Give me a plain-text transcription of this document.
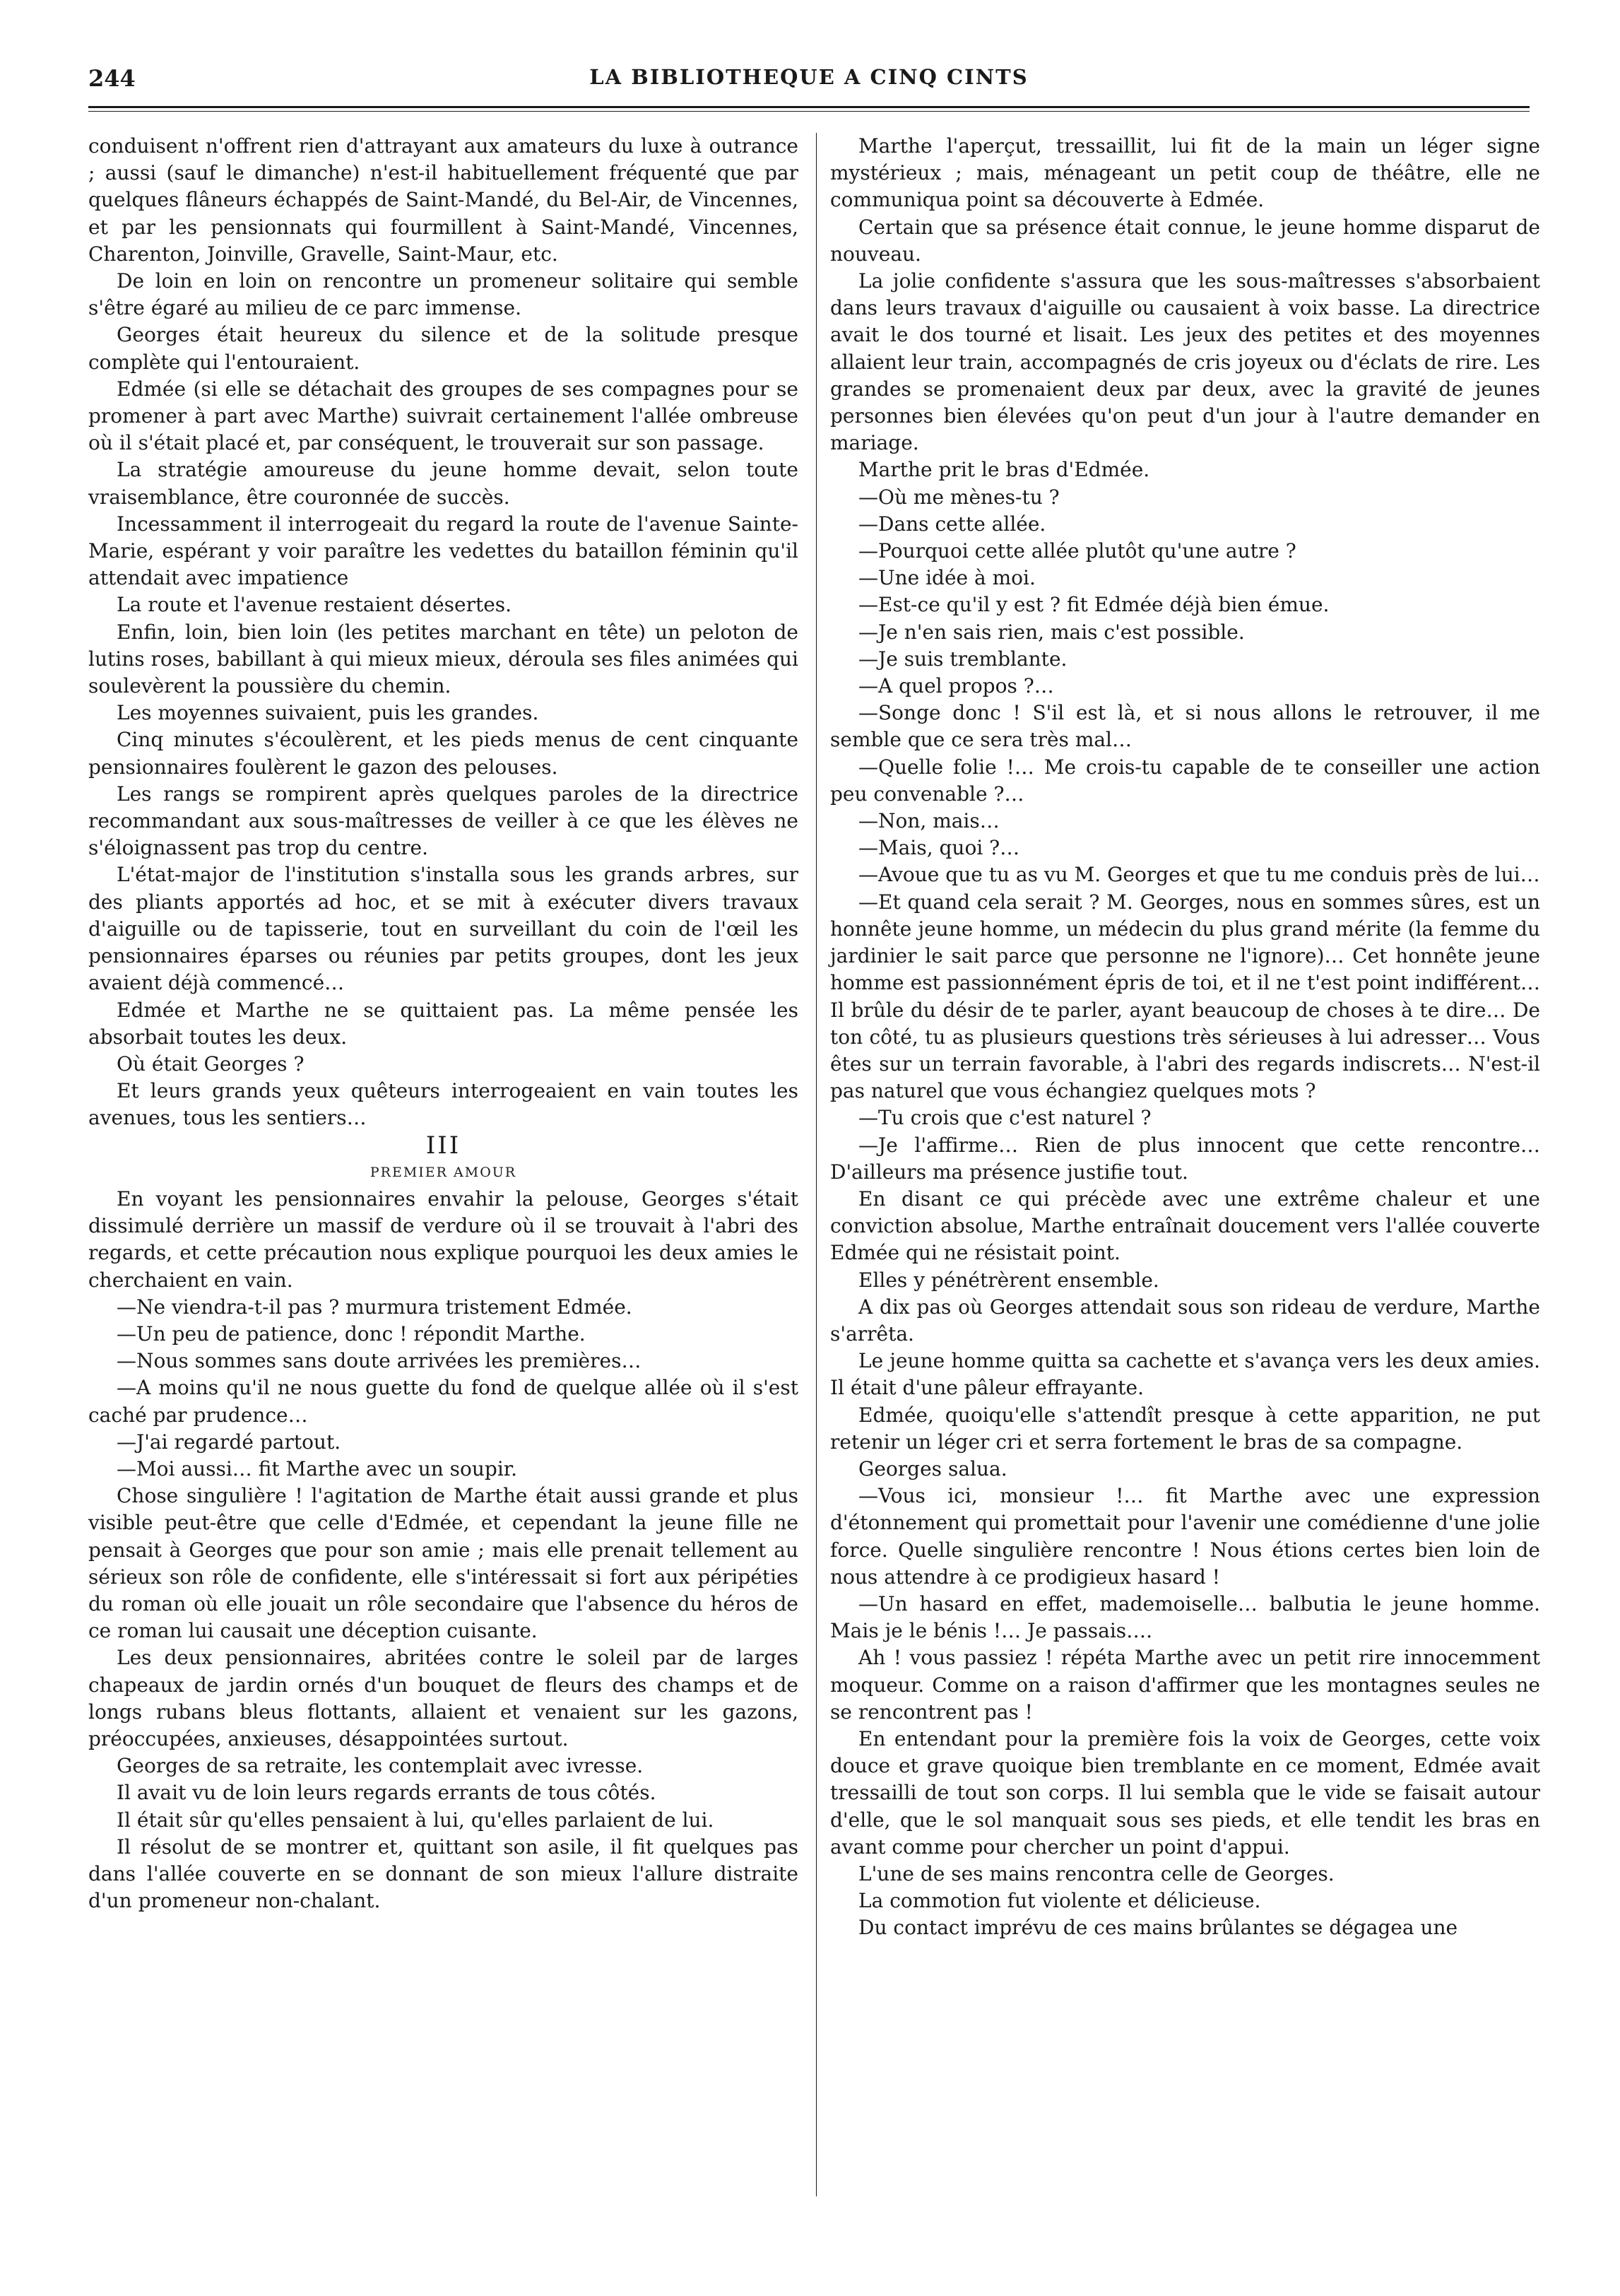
244	LA BIBLIOTHEQUE A CINQ CINTS

conduisent n'offrent rien d'attrayant aux amateurs du luxe à outrance ; aussi (sauf le dimanche) n'est-il habituellement fréquenté que par quelques flâneurs échappés de Saint-Mandé, du Bel-Air, de Vincennes, et par les pensionnats qui fourmillent à Saint-Mandé, Vincennes, Charenton, Joinville, Gravelle, Saint-Maur, etc.

De loin en loin on rencontre un promeneur solitaire qui semble s'être égaré au milieu de ce parc immense.

Georges était heureux du silence et de la solitude presque complète qui l'entouraient.

Edmée (si elle se détachait des groupes de ses compagnes pour se promener à part avec Marthe) suivrait certainement l'allée ombreuse où il s'était placé et, par conséquent, le trouverait sur son passage.

La stratégie amoureuse du jeune homme devait, selon toute vraisemblance, être couronnée de succès.

Incessamment il interrogeait du regard la route de l'avenue Sainte-Marie, espérant y voir paraître les vedettes du bataillon féminin qu'il attendait avec impatience

La route et l'avenue restaient désertes.

Enfin, loin, bien loin (les petites marchant en tête) un peloton de lutins roses, babillant à qui mieux mieux, déroula ses files animées qui soulevèrent la poussière du chemin.

Les moyennes suivaient, puis les grandes.

Cinq minutes s'écoulèrent, et les pieds menus de cent cinquante pensionnaires foulèrent le gazon des pelouses.

Les rangs se rompirent après quelques paroles de la directrice recommandant aux sous-maîtresses de veiller à ce que les élèves ne s'éloignassent pas trop du centre.

L'état-major de l'institution s'installa sous les grands arbres, sur des pliants apportés ad hoc, et se mit à exécuter divers travaux d'aiguille ou de tapisserie, tout en surveillant du coin de l'œil les pensionnaires éparses ou réunies par petits groupes, dont les jeux avaient déjà commencé…

Edmée et Marthe ne se quittaient pas. La même pensée les absorbait toutes les deux.

Où était Georges ?

Et leurs grands yeux quêteurs interrogeaient en vain toutes les avenues, tous les sentiers…

III

PREMIER AMOUR

En voyant les pensionnaires envahir la pelouse, Georges s'était dissimulé derrière un massif de verdure où il se trouvait à l'abri des regards, et cette précaution nous explique pourquoi les deux amies le cherchaient en vain.

—Ne viendra-t-il pas ? murmura tristement Edmée.

—Un peu de patience, donc ! répondit Marthe.

—Nous sommes sans doute arrivées les premières…

—A moins qu'il ne nous guette du fond de quelque allée où il s'est caché par prudence…

—J'ai regardé partout.

—Moi aussi… fit Marthe avec un soupir.

Chose singulière ! l'agitation de Marthe était aussi grande et plus visible peut-être que celle d'Edmée, et cependant la jeune fille ne pensait à Georges que pour son amie ; mais elle prenait tellement au sérieux son rôle de confidente, elle s'intéressait si fort aux péripéties du roman où elle jouait un rôle secondaire que l'absence du héros de ce roman lui causait une déception cuisante.

Les deux pensionnaires, abritées contre le soleil par de larges chapeaux de jardin ornés d'un bouquet de fleurs des champs et de longs rubans bleus flottants, allaient et venaient sur les gazons, préoccupées, anxieuses, désappointées surtout.

Georges de sa retraite, les contemplait avec ivresse.

Il avait vu de loin leurs regards errants de tous côtés.

Il était sûr qu'elles pensaient à lui, qu'elles parlaient de lui.

Il résolut de se montrer et, quittant son asile, il fit quelques pas dans l'allée couverte en se donnant de son mieux l'allure distraite d'un promeneur non-chalant.

Marthe l'aperçut, tressaillit, lui fit de la main un léger signe mystérieux ; mais, ménageant un petit coup de théâtre, elle ne communiqua point sa découverte à Edmée.

Certain que sa présence était connue, le jeune homme disparut de nouveau.

La jolie confidente s'assura que les sous-maîtresses s'absorbaient dans leurs travaux d'aiguille ou causaient à voix basse. La directrice avait le dos tourné et lisait. Les jeux des petites et des moyennes allaient leur train, accompagnés de cris joyeux ou d'éclats de rire. Les grandes se promenaient deux par deux, avec la gravité de jeunes personnes bien élevées qu'on peut d'un jour à l'autre demander en mariage.

Marthe prit le bras d'Edmée.

—Où me mènes-tu ?

—Dans cette allée.

—Pourquoi cette allée plutôt qu'une autre ?

—Une idée à moi.

—Est-ce qu'il y est ? fit Edmée déjà bien émue.

—Je n'en sais rien, mais c'est possible.

—Je suis tremblante.

—A quel propos ?…

—Songe donc ! S'il est là, et si nous allons le retrouver, il me semble que ce sera très mal…

—Quelle folie !… Me crois-tu capable de te conseiller une action peu convenable ?…

—Non, mais…

—Mais, quoi ?…

—Avoue que tu as vu M. Georges et que tu me conduis près de lui…

—Et quand cela serait ? M. Georges, nous en sommes sûres, est un honnête jeune homme, un médecin du plus grand mérite (la femme du jardinier le sait parce que personne ne l'ignore)… Cet honnête jeune homme est passionnément épris de toi, et il ne t'est point indifférent… Il brûle du désir de te parler, ayant beaucoup de choses à te dire… De ton côté, tu as plusieurs questions très sérieuses à lui adresser… Vous êtes sur un terrain favorable, à l'abri des regards indiscrets… N'est-il pas naturel que vous échangiez quelques mots ?

—Tu crois que c'est naturel ?

—Je l'affirme… Rien de plus innocent que cette rencontre… D'ailleurs ma présence justifie tout.

En disant ce qui précède avec une extrême chaleur et une conviction absolue, Marthe entraînait doucement vers l'allée couverte Edmée qui ne résistait point.

Elles y pénétrèrent ensemble.

A dix pas où Georges attendait sous son rideau de verdure, Marthe s'arrêta.

Le jeune homme quitta sa cachette et s'avança vers les deux amies. Il était d'une pâleur effrayante.

Edmée, quoiqu'elle s'attendît presque à cette apparition, ne put retenir un léger cri et serra fortement le bras de sa compagne.

Georges salua.

—Vous ici, monsieur !… fit Marthe avec une expression d'étonnement qui promettait pour l'avenir une comédienne d'une jolie force. Quelle singulière rencontre ! Nous étions certes bien loin de nous attendre à ce prodigieux hasard !

—Un hasard en effet, mademoiselle… balbutia le jeune homme. Mais je le bénis !… Je passais….

Ah ! vous passiez ! répéta Marthe avec un petit rire innocemment moqueur. Comme on a raison d'affirmer que les montagnes seules ne se rencontrent pas !

En entendant pour la première fois la voix de Georges, cette voix douce et grave quoique bien tremblante en ce moment, Edmée avait tressailli de tout son corps. Il lui sembla que le vide se faisait autour d'elle, que le sol manquait sous ses pieds, et elle tendit les bras en avant comme pour chercher un point d'appui.

L'une de ses mains rencontra celle de Georges.

La commotion fut violente et délicieuse.

Du contact imprévu de ces mains brûlantes se dégagea une
